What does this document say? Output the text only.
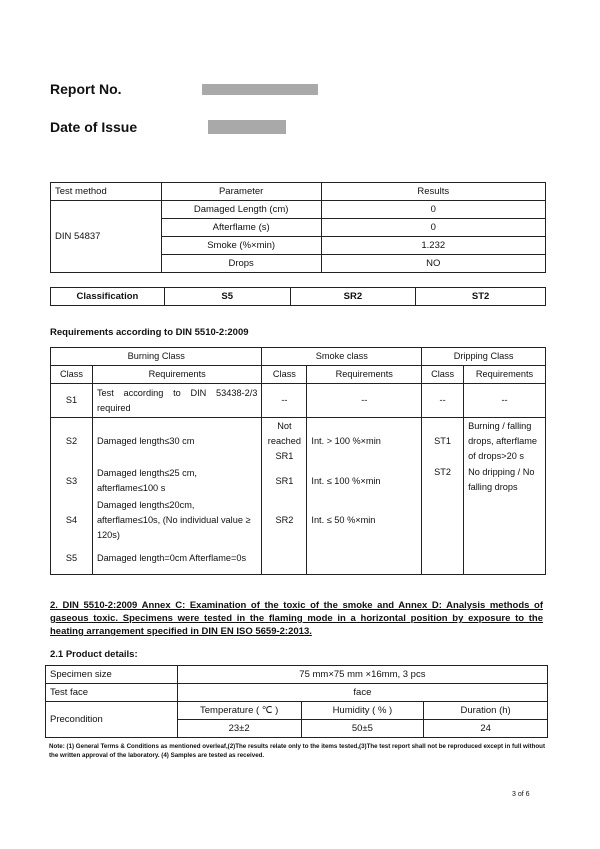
Report No.
Date of Issue
Test method	Parameter	Results
DIN 54837	Damaged Length (cm)	0
	Afterflame (s)	0
	Smoke (%×min)	1.232
	Drops	NO
Classification	S5	SR2	ST2
Requirements according to DIN 5510-2:2009
Burning Class		Smoke class		Dripping Class	
Class	Requirements	Class	Requirements	Class	Requirements
S1	Test according to DIN 53438-2/3 required	--	--	--	--
S2	Damaged length≤30 cm	Not reached SR1	Int. > 100 %×min	ST1	Burning / falling drops, afterflame of drops>20 s
S3	Damaged length≤25 cm, afterflame≤100 s	SR1	Int. ≤ 100 %×min	ST2	No dripping / No falling drops
S4	Damaged length≤20cm, afterflame≤10s, (No individual value ≥ 120s)	SR2	Int. ≤ 50 %×min		
S5	Damaged length=0cm Afterflame=0s				
2. DIN 5510-2:2009 Annex C: Examination of the toxic of the smoke and Annex D: Analysis methods of gaseous toxic. Specimens were tested in the flaming mode in a horizontal position by exposure to the heating arrangement specified in DIN EN ISO 5659-2:2013.
2.1 Product details:
Specimen size	75 mm×75 mm ×16mm, 3 pcs		
Test face	face		
Precondition	Temperature ( ℃ )	Humidity ( % )	Duration (h)
	23±2	50±5	24
Note: (1) General Terms & Conditions as mentioned overleaf,(2)The results relate only to the items tested,(3)The test report shall not be reproduced except in full without the written approval of the laboratory. (4) Samples are tested as received.
3 of 6
